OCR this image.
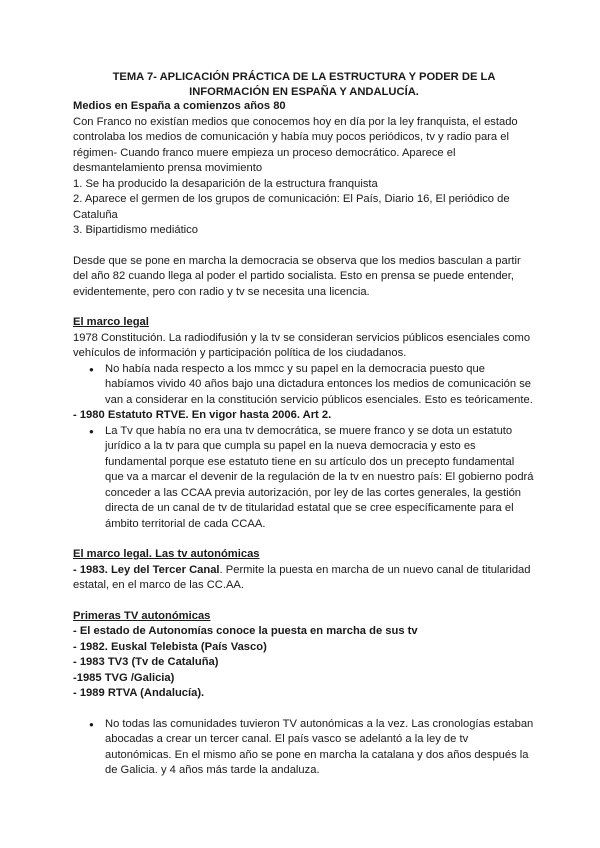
TEMA 7- APLICACIÓN PRÁCTICA DE LA ESTRUCTURA Y PODER DE LA INFORMACIÓN EN ESPAÑA Y ANDALUCÍA.

Medios en España a comienzos años 80

Con Franco no existían medios que conocemos hoy en día por la ley franquista, el estado controlaba los medios de comunicación y había muy pocos periódicos, tv y radio para el régimen- Cuando franco muere empieza un proceso democrático. Aparece el desmantelamiento prensa movimiento

1. Se ha producido la desaparición de la estructura franquista

2. Aparece el germen de los grupos de comunicación: El País, Diario 16, El periódico de Cataluña

3. Bipartidismo mediático

Desde que se pone en marcha la democracia se observa que los medios basculan a partir del año 82 cuando llega al poder el partido socialista. Esto en prensa se puede entender, evidentemente, pero con radio y tv se necesita una licencia.

El marco legal

1978 Constitución. La radiodifusión y la tv se consideran servicios públicos esenciales como vehículos de información y participación política de los ciudadanos.

● No había nada respecto a los mmcc y su papel en la democracia puesto que habíamos vivido 40 años bajo una dictadura entonces los medios de comunicación se van a considerar en la constitución servicio públicos esenciales. Esto es teóricamente.

- 1980 Estatuto RTVE. En vigor hasta 2006. Art 2.

● La Tv que había no era una tv democrática, se muere franco y se dota un estatuto jurídico a la tv para que cumpla su papel en la nueva democracia y esto es fundamental porque ese estatuto tiene en su artículo dos un precepto fundamental que va a marcar el devenir de la regulación de la tv en nuestro país: El gobierno podrá conceder a las CCAA previa autorización, por ley de las cortes generales, la gestión directa de un canal de tv de titularidad estatal que se cree específicamente para el ámbito territorial de cada CCAA.

El marco legal. Las tv autonómicas

- 1983. Ley del Tercer Canal. Permite la puesta en marcha de un nuevo canal de titularidad estatal, en el marco de las CC.AA.

Primeras TV autonómicas

- El estado de Autonomías conoce la puesta en marcha de sus tv

- 1982. Euskal Telebista (País Vasco)

- 1983 TV3 (Tv de Cataluña)

-1985 TVG /Galicia)

- 1989 RTVA (Andalucía).

● No todas las comunidades tuvieron TV autonómicas a la vez. Las cronologías estaban abocadas a crear un tercer canal. El país vasco se adelantó a la ley de tv autonómicas. En el mismo año se pone en marcha la catalana y dos años después la de Galicia. y 4 años más tarde la andaluza.
